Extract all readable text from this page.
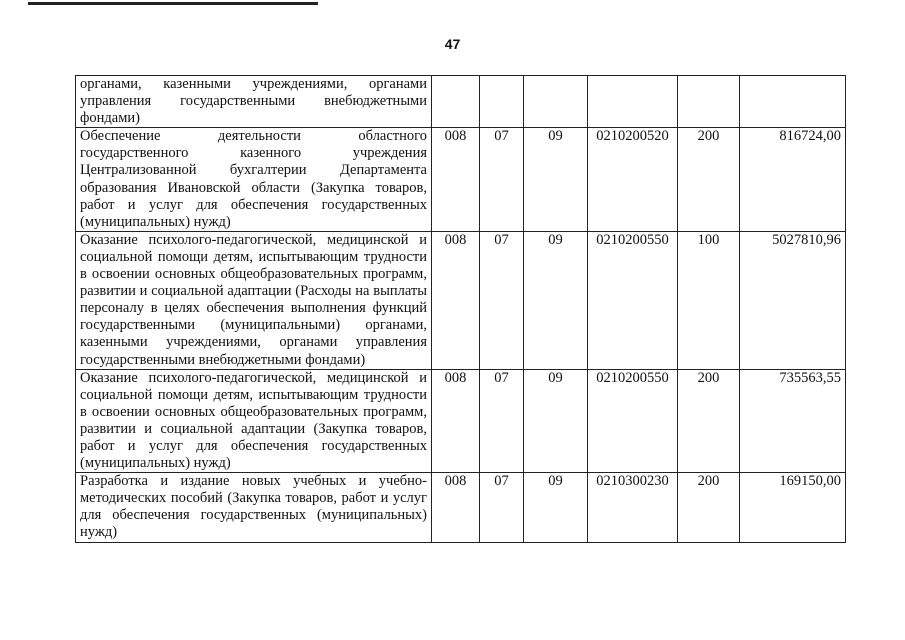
47
органами, казенными учреждениями, органами управления государственными внебюджетными фондами)						
Обеспечение деятельности областного государственного казенного учреждения Централизованной бухгалтерии Департамента образования Ивановской области (Закупка товаров, работ и услуг для обеспечения государственных (муниципальных) нужд)	008	07	09	0210200520	200	816724,00
Оказание психолого-педагогической, медицинской и социальной помощи детям, испытывающим трудности в освоении основных общеобразовательных программ, развитии и социальной адаптации (Расходы на выплаты персоналу в целях обеспечения выполнения функций государственными (муниципальными) органами, казенными учреждениями, органами управления государственными внебюджетными фондами)	008	07	09	0210200550	100	5027810,96
Оказание психолого-педагогической, медицинской и социальной помощи детям, испытывающим трудности в освоении основных общеобразовательных программ, развитии и социальной адаптации (Закупка товаров, работ и услуг для обеспечения государственных (муниципальных) нужд)	008	07	09	0210200550	200	735563,55
Разработка и издание новых учебных и учебно-методических пособий (Закупка товаров, работ и услуг для обеспечения государственных (муниципальных) нужд)	008	07	09	0210300230	200	169150,00
